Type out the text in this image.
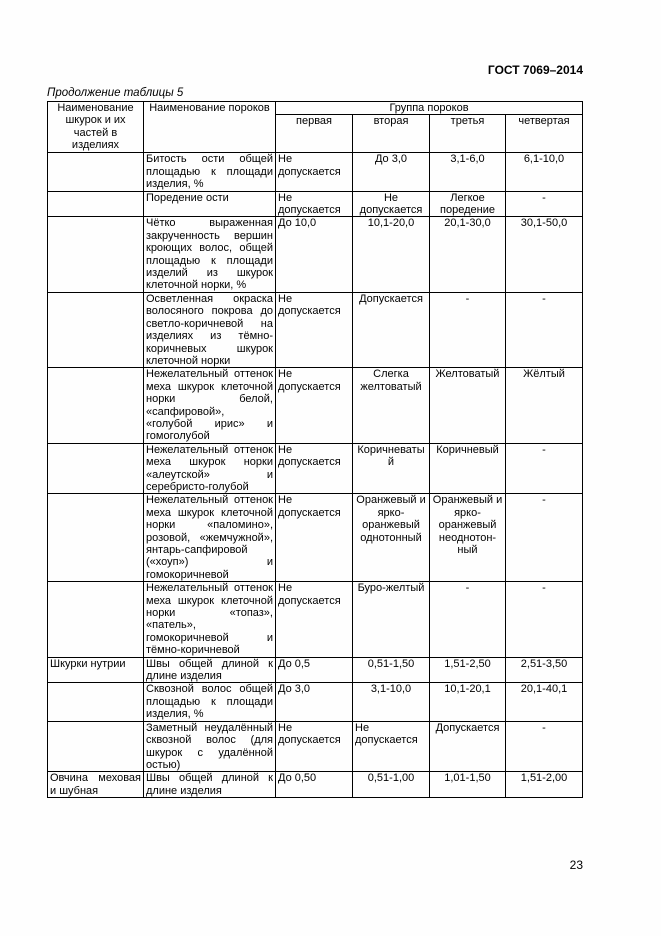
ГОСТ 7069–2014
Продолжение таблицы 5
Наименование шкурок и их частей в изделиях	Наименование пороков	Группа пороков			
		первая	вторая	третья	четвертая
	Битость ости общей площадью к площади изделия, %	Не допускается	До 3,0	3,1-6,0	6,1-10,0
	Поредение ости	Не допускается	Не допускается	Легкое поредение	-
	Чётко выраженная закрученность вершин кроющих волос, общей площадью к площади изделий из шкурок клеточной норки, %	До 10,0	10,1-20,0	20,1-30,0	30,1-50,0
	Осветленная окраска волосяного покрова до светло-коричневой на изделиях из тёмно-коричневых шкурок клеточной норки	Не допускается	Допускается	-	-
	Нежелательный оттенок меха шкурок клеточной норки белой, «сапфировой», «голубой ирис» и гомоголубой	Не допускается	Слегка желтоватый	Желтоватый	Жёлтый
	Нежелательный оттенок меха шкурок норки «алеутской» и серебристо-голубой	Не допускается	Коричневаты й	Коричневый	-
	Нежелательный оттенок меха шкурок клеточной норки «паломино», розовой, «жемчужной», янтарь-сапфировой («хоуп») и гомокоричневой	Не допускается	Оранжевый и ярко-оранжевый однотонный	Оранжевый и ярко-оранжевый неоднотон-ный	-
	Нежелательный оттенок меха шкурок клеточной норки «топаз», «патель», гомокоричневой и тёмно-коричневой	Не допускается	Буро-желтый	-	-
Шкурки нутрии	Швы общей длиной к длине изделия	До 0,5	0,51-1,50	1,51-2,50	2,51-3,50
	Сквозной волос общей площадью к площади изделия, %	До 3,0	3,1-10,0	10,1-20,1	20,1-40,1
	Заметный неудалённый сквозной волос (для шкурок с удалённой остью)	Не допускается	Не допускается	Допускается	-
Овчина меховая и шубная	Швы общей длиной к длине изделия	До 0,50	0,51-1,00	1,01-1,50	1,51-2,00
23
